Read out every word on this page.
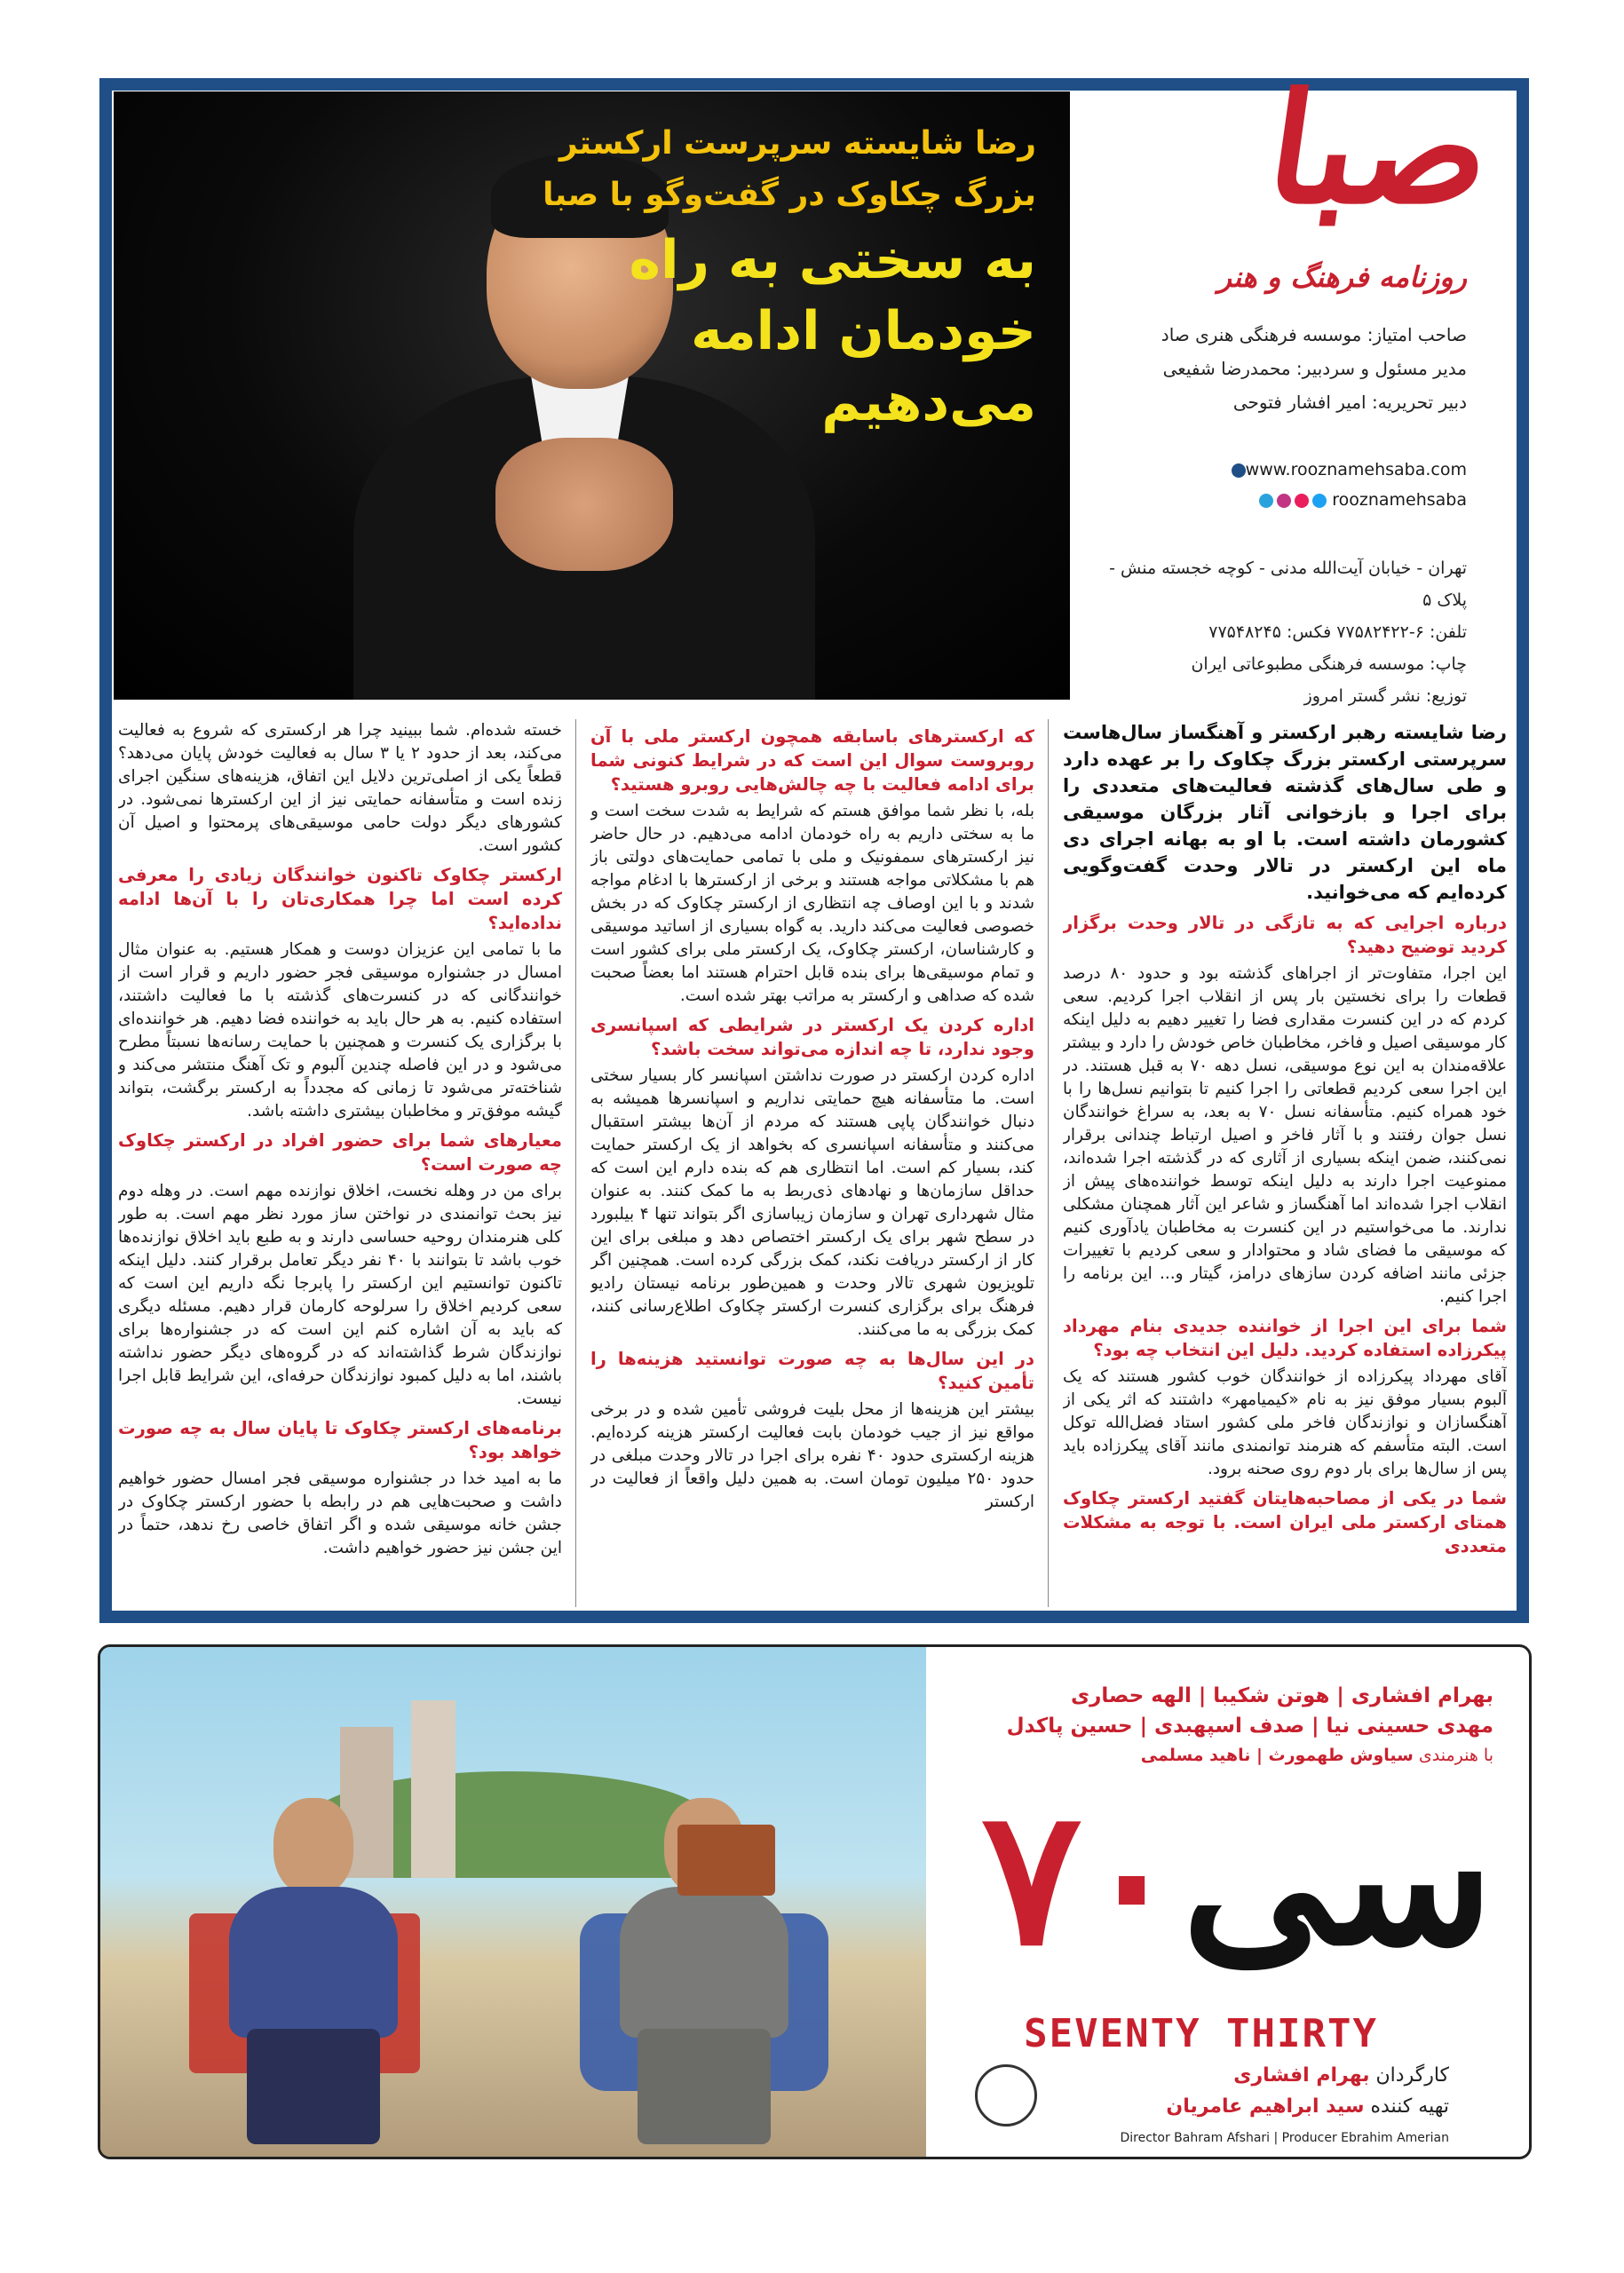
صبا
روزنامه فرهنگ و هنر
صاحب امتیاز: موسسه فرهنگی هنری صاد
مدیر مسئول و سردبیر: محمدرضا شفیعی
دبیر تحریریه: امیر افشار فتوحی
www.rooznamehsaba.com
rooznamehsaba
تهران - خیابان آیت‌الله مدنی - کوچه خجسته منش - پلاک ۵
تلفن: ۶-۷۷۵۸۲۴۲۲ فکس: ۷۷۵۴۸۲۴۵
چاپ: موسسه فرهنگی مطبوعاتی ایران
توزیع: نشر گستر امروز
رضا شایسته سرپرست ارکستر بزرگ چکاوک در گفت‌وگو با صبا
به سختی به راه خودمان ادامه می‌دهیم
رضا شایسته رهبر ارکستر و آهنگساز سال‌هاست سرپرستی ارکستر بزرگ چکاوک را بر عهده دارد و طی سال‌های گذشته فعالیت‌های متعددی را برای اجرا و بازخوانی آثار بزرگان موسیقی کشورمان داشته است. با او به بهانه اجرای دی ماه این ارکستر در تالار وحدت گفت‌وگویی کرده‌ایم که می‌خوانید.
درباره اجرایی که به تازگی در تالار وحدت برگزار کردید توضیح دهید؟
این اجرا، متفاوت‌تر از اجراهای گذشته بود و حدود ۸۰ درصد قطعات را برای نخستین بار پس از انقلاب اجرا کردیم. سعی کردم که در این کنسرت مقداری فضا را تغییر دهیم به دلیل اینکه کار موسیقی اصیل و فاخر، مخاطبان خاص خودش را دارد و بیشتر علاقه‌مندان به این نوع موسیقی، نسل دهه ۷۰ به قبل هستند. در این اجرا سعی کردیم قطعاتی را اجرا کنیم تا بتوانیم نسل‌ها را با خود همراه کنیم. متأسفانه نسل ۷۰ به بعد، به سراغ خوانندگان نسل جوان رفتند و با آثار فاخر و اصیل ارتباط چندانی برقرار نمی‌کنند، ضمن اینکه بسیاری از آثاری که در گذشته اجرا شده‌اند، ممنوعیت اجرا دارند به دلیل اینکه توسط خواننده‌های پیش از انقلاب اجرا شده‌اند اما آهنگساز و شاعر این آثار همچنان مشکلی ندارند. ما می‌خواستیم در این کنسرت به مخاطبان یادآوری کنیم که موسیقی ما فضای شاد و محتوادار و سعی کردیم با تغییرات جزئی مانند اضافه کردن سازهای درامز، گیتار و... این برنامه را اجرا کنیم.
شما برای این اجرا از خواننده جدیدی بنام مهرداد پیکرزاده استفاده کردید. دلیل این انتخاب چه بود؟
آقای مهرداد پیکرزاده از خوانندگان خوب کشور هستند که یک آلبوم بسیار موفق نیز به نام «کیمیامهر» داشتند که اثر یکی از آهنگسازان و نوازندگان فاخر ملی کشور استاد فضل‌الله توکل است. البته متأسفم که هنرمند توانمندی مانند آقای پیکرزاده باید پس از سال‌ها برای بار دوم روی صحنه برود.
شما در یکی از مصاحبه‌هایتان گفتید ارکستر چکاوک همتای ارکستر ملی ایران است. با توجه به مشکلات متعددی
که ارکسترهای باسابقه همچون ارکستر ملی با آن روبروست سوال این است که در شرایط کنونی شما برای ادامه فعالیت با چه چالش‌هایی روبرو هستید؟
بله، با نظر شما موافق هستم که شرایط به شدت سخت است و ما به سختی داریم به راه خودمان ادامه می‌دهیم. در حال حاضر نیز ارکسترهای سمفونیک و ملی با تمامی حمایت‌های دولتی باز هم با مشکلاتی مواجه هستند و برخی از ارکسترها با ادغام مواجه شدند و با این اوصاف چه انتظاری از ارکستر چکاوک که در بخش خصوصی فعالیت می‌کند دارید. به گواه بسیاری از اساتید موسیقی و کارشناسان، ارکستر چکاوک، یک ارکستر ملی برای کشور است و تمام موسیقی‌ها برای بنده قابل احترام هستند اما بعضاً صحبت شده که صداهی و ارکستر به مراتب بهتر شده است.
اداره کردن یک ارکستر در شرایطی که اسپانسری وجود ندارد، تا چه اندازه می‌تواند سخت باشد؟
اداره کردن ارکستر در صورت نداشتن اسپانسر کار بسیار سختی است. ما متأسفانه هیچ حمایتی نداریم و اسپانسرها همیشه به دنبال خوانندگان پاپی هستند که مردم از آن‌ها بیشتر استقبال می‌کنند و متأسفانه اسپانسری که بخواهد از یک ارکستر حمایت کند، بسیار کم است. اما انتظاری هم که بنده دارم این است که حداقل سازمان‌ها و نهادهای ذی‌ربط به ما کمک کنند. به عنوان مثال شهرداری تهران و سازمان زیباسازی اگر بتواند تنها ۴ بیلبورد در سطح شهر برای یک ارکستر اختصاص دهد و مبلغی برای این کار از ارکستر دریافت نکند، کمک بزرگی کرده است. همچنین اگر تلویزیون شهری تالار وحدت و همین‌طور برنامه نیستان رادیو فرهنگ برای برگزاری کنسرت ارکستر چکاوک اطلاع‌رسانی کنند، کمک بزرگی به ما می‌کنند.
در این سال‌ها به چه صورت توانستید هزینه‌ها را تأمین کنید؟
بیشتر این هزینه‌ها از محل بلیت فروشی تأمین شده و در برخی مواقع نیز از جیب خودمان بابت فعالیت ارکستر هزینه کرده‌ایم. هزینه ارکستری حدود ۴۰ نفره برای اجرا در تالار وحدت مبلغی در حدود ۲۵۰ میلیون تومان است. به همین دلیل واقعاً از فعالیت در ارکستر
خسته شده‌ام. شما ببینید چرا هر ارکستری که شروع به فعالیت می‌کند، بعد از حدود ۲ یا ۳ سال به فعالیت خودش پایان می‌دهد؟ قطعاً یکی از اصلی‌ترین دلایل این اتفاق، هزینه‌های سنگین اجرای زنده است و متأسفانه حمایتی نیز از این ارکسترها نمی‌شود. در کشورهای دیگر دولت حامی موسیقی‌های پرمحتوا و اصیل آن کشور است.
ارکستر چکاوک تاکنون خوانندگان زیادی را معرفی کرده است اما چرا همکاری‌تان را با آن‌ها ادامه نداده‌اید؟
ما با تمامی این عزیزان دوست و همکار هستیم. به عنوان مثال امسال در جشنواره موسیقی فجر حضور داریم و قرار است از خوانندگانی که در کنسرت‌های گذشته با ما فعالیت داشتند، استفاده کنیم. به هر حال باید به خواننده فضا دهیم. هر خواننده‌ای با برگزاری یک کنسرت و همچنین با حمایت رسانه‌ها نسبتاً مطرح می‌شود و در این فاصله چندین آلبوم و تک آهنگ منتشر می‌کند و شناخته‌تر می‌شود تا زمانی که مجدداً به ارکستر برگشت، بتواند گیشه موفق‌تر و مخاطبان بیشتری داشته باشد.
معیارهای شما برای حضور افراد در ارکستر چکاوک چه صورت است؟
برای من در وهله نخست، اخلاق نوازنده مهم است. در وهله دوم نیز بحث توانمندی در نواختن ساز مورد نظر مهم است. به طور کلی هنرمندان روحیه حساسی دارند و به طبع باید اخلاق نوازنده‌ها خوب باشد تا بتوانند با ۴۰ نفر دیگر تعامل برقرار کنند. دلیل اینکه تاکنون توانستیم این ارکستر را پابرجا نگه داریم این است که سعی کردیم اخلاق را سرلوحه کارمان قرار دهیم. مسئله دیگری که باید به آن اشاره کنم این است که در جشنواره‌ها برای نوازندگان شرط گذاشته‌اند که در گروه‌های دیگر حضور نداشته باشند، اما به دلیل کمبود نوازندگان حرفه‌ای، این شرایط قابل اجرا نیست.
برنامه‌های ارکستر چکاوک تا پایان سال به چه صورت خواهد بود؟
ما به امید خدا در جشنواره موسیقی فجر امسال حضور خواهیم داشت و صحبت‌هایی هم در رابطه با حضور ارکستر چکاوک در جشن خانه موسیقی شده و اگر اتفاق خاصی رخ ندهد، حتماً در این جشن نیز حضور خواهیم داشت.
بهرام افشاری | هوتن شکیبا | الهه حصاری
مهدی حسینی نیا | صدف اسپهبدی | حسین پاکدل
با هنرمندی سیاوش طهمورث | ناهید مسلمی
۷۰سی
SEVENTY THIRTY
کارگردان بهرام افشاری
تهیه کننده سید ابراهیم عامریان
Director Bahram Afshari | Producer Ebrahim Amerian
